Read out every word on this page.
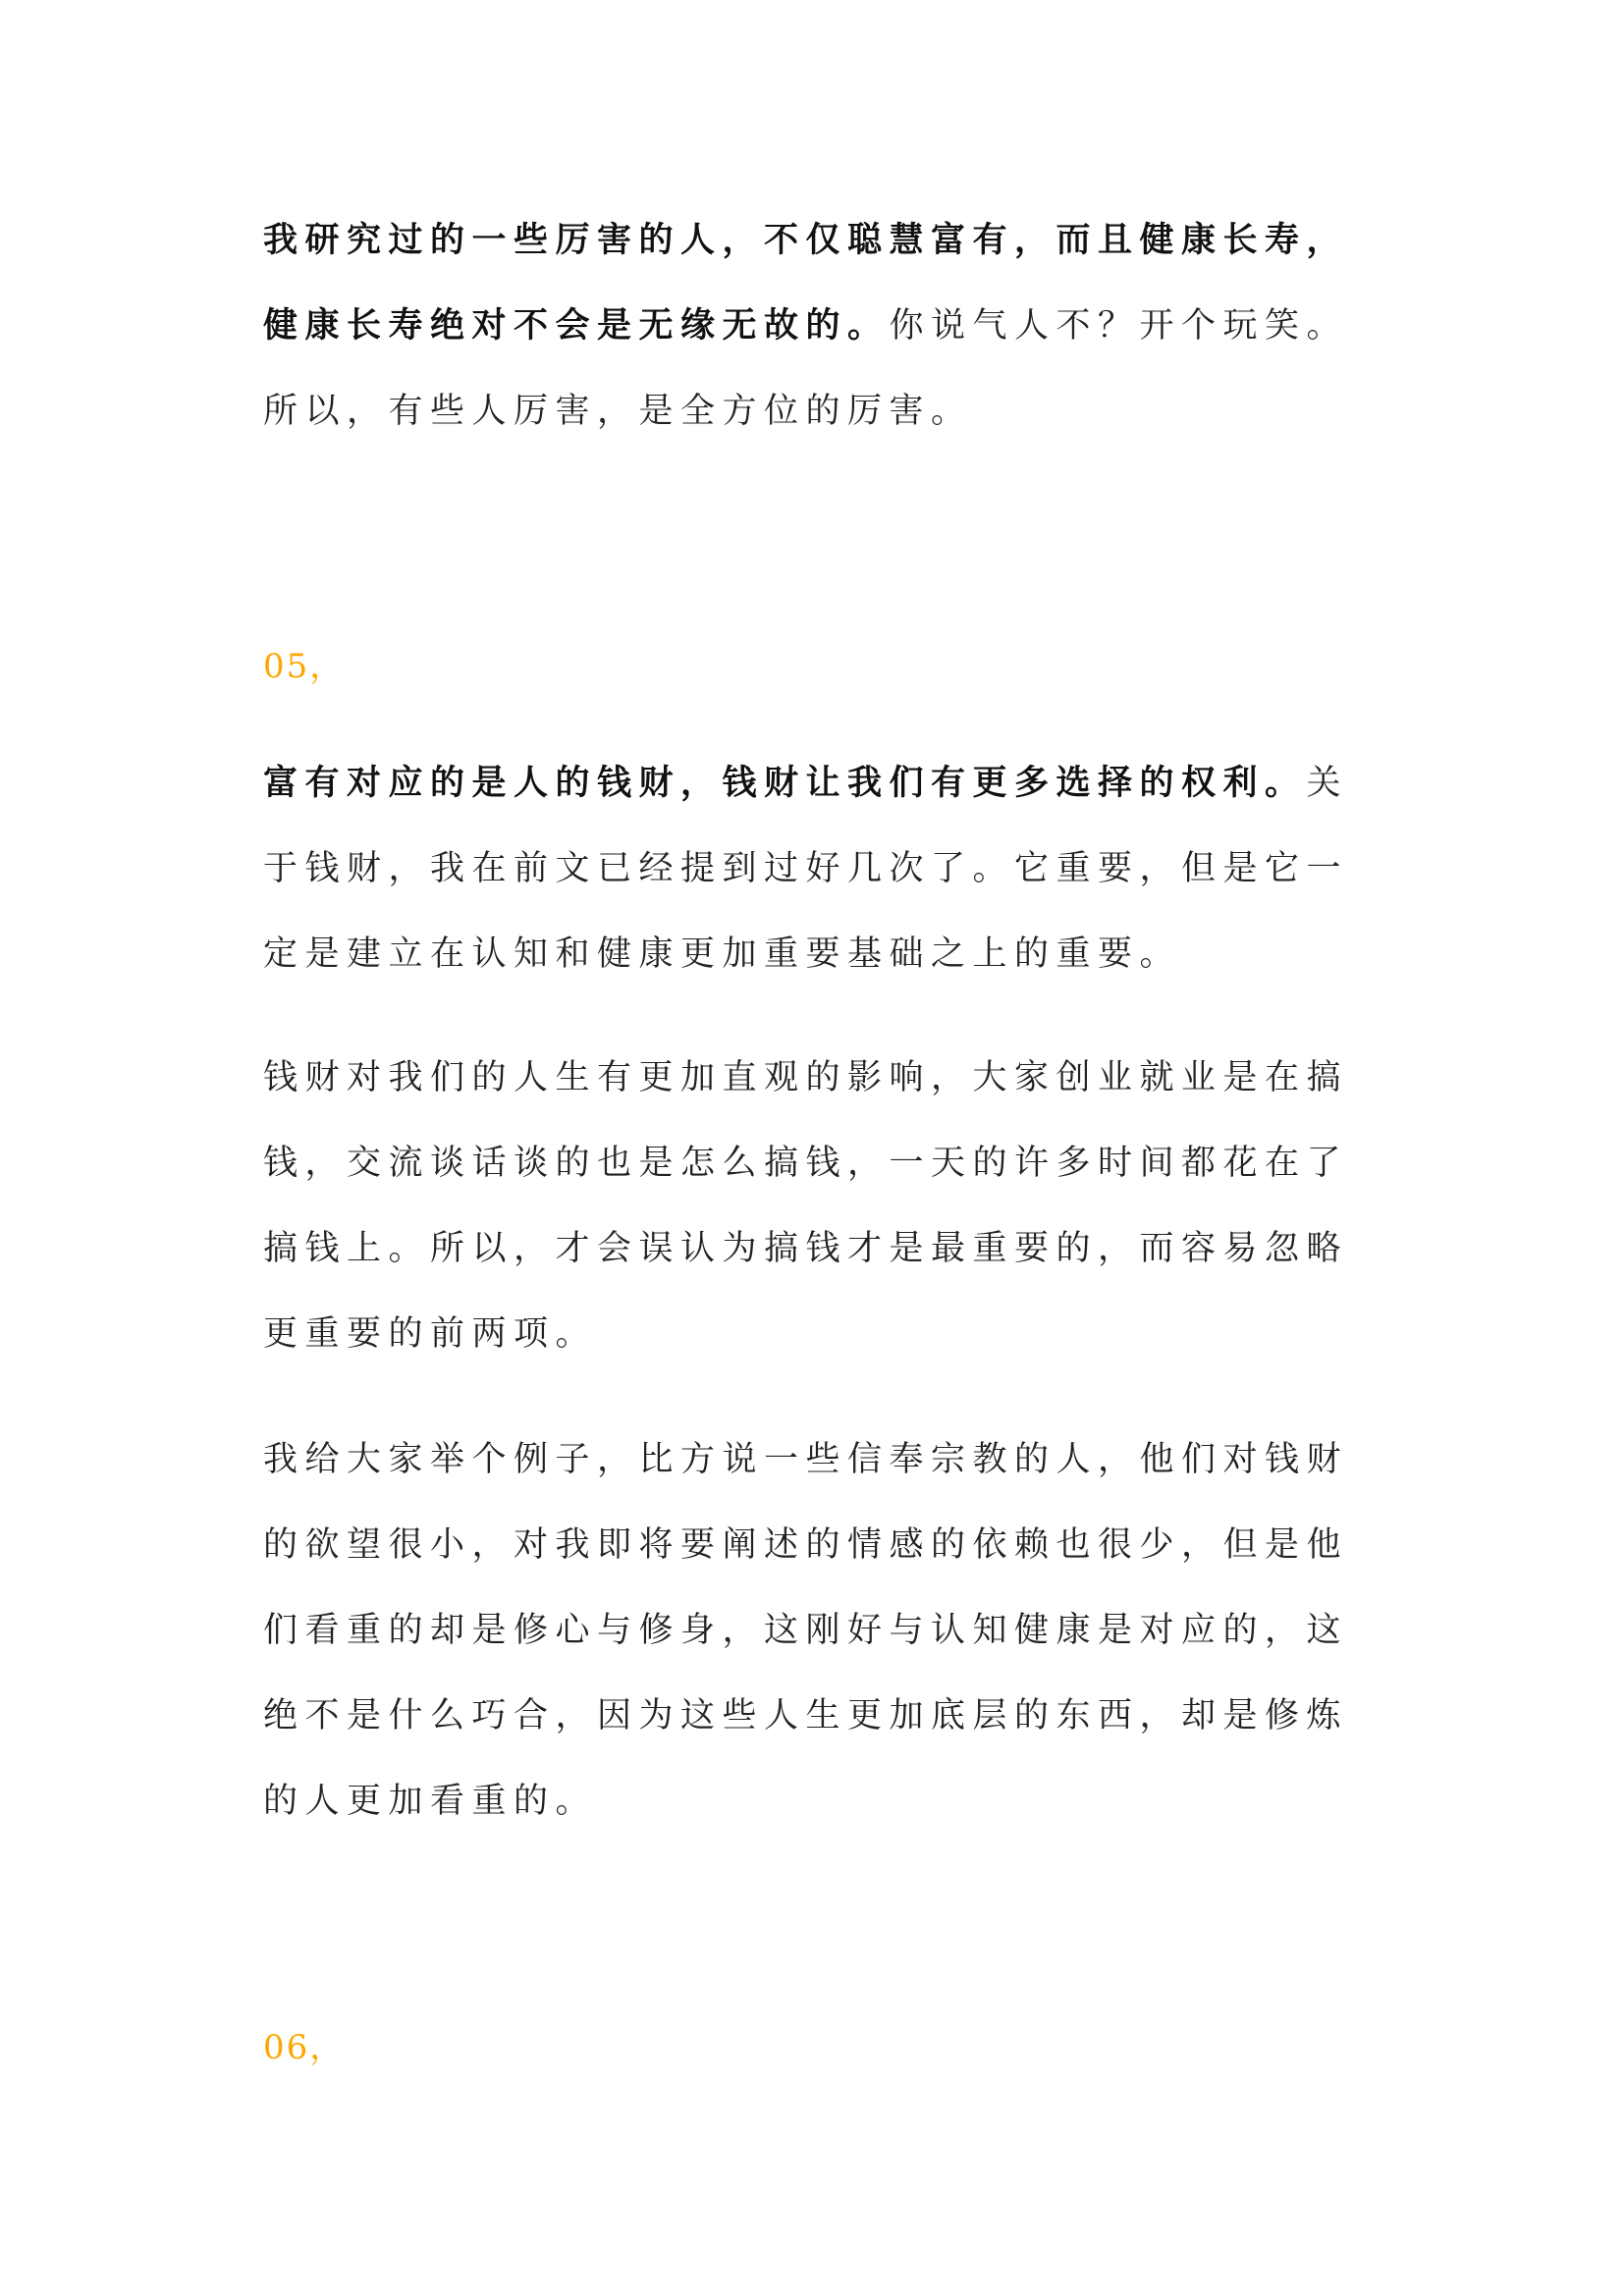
我研究过的一些厉害的人，不仅聪慧富有，而且健康长寿，
健康长寿绝对不会是无缘无故的。你说气人不？开个玩笑。
所以，有些人厉害，是全方位的厉害。

05，

富有对应的是人的钱财，钱财让我们有更多选择的权利。关
于钱财，我在前文已经提到过好几次了。它重要，但是它一
定是建立在认知和健康更加重要基础之上的重要。

钱财对我们的人生有更加直观的影响，大家创业就业是在搞
钱，交流谈话谈的也是怎么搞钱，一天的许多时间都花在了
搞钱上。所以，才会误认为搞钱才是最重要的，而容易忽略
更重要的前两项。

我给大家举个例子，比方说一些信奉宗教的人，他们对钱财
的欲望很小，对我即将要阐述的情感的依赖也很少，但是他
们看重的却是修心与修身，这刚好与认知健康是对应的，这
绝不是什么巧合，因为这些人生更加底层的东西，却是修炼
的人更加看重的。

06，
